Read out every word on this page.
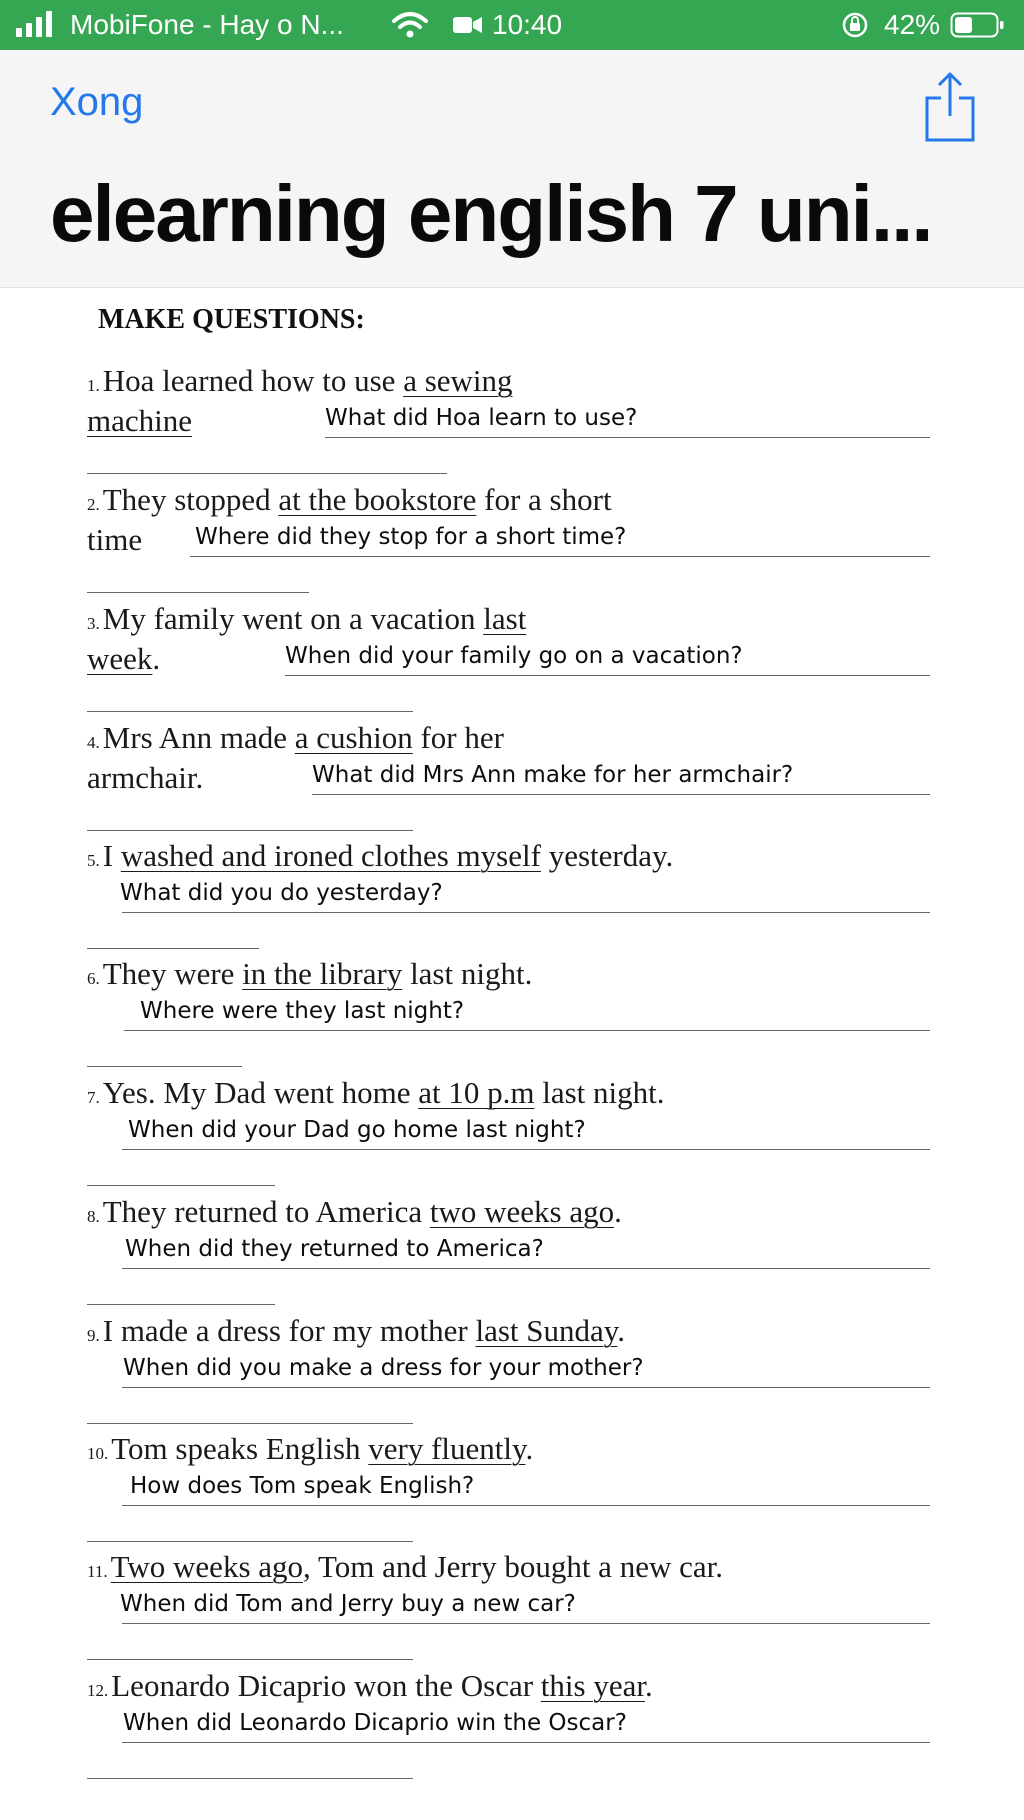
MobiFone - Hay o N...	10:40	42%
Xong
elearning english 7 uni...
MAKE QUESTIONS:
1.Hoa learned how to use a sewing
machine	What did Hoa learn to use?
2.They stopped at the bookstore for a short
time Where did they stop for a short time?
3.My family went on a vacation last
week.	When did your family go on a vacation?
4.Mrs Ann made a cushion for her
armchair.	What did Mrs Ann make for her armchair?
5.I washed and ironed clothes myself yesterday.
What did you do yesterday?
6.They were in the library last night.
Where were they last night?
7.Yes. My Dad went home at 10 p.m last night.
When did your Dad go home last night?
8.They returned to America two weeks ago.
When did they returned to America?
9.I made a dress for my mother last Sunday.
When did you make a dress for your mother?
10.Tom speaks English very fluently.
How does Tom speak English?
11.Two weeks ago, Tom and Jerry bought a new car.
When did Tom and Jerry buy a new car?
12.Leonardo Dicaprio won the Oscar this year.
When did Leonardo Dicaprio win the Oscar?
